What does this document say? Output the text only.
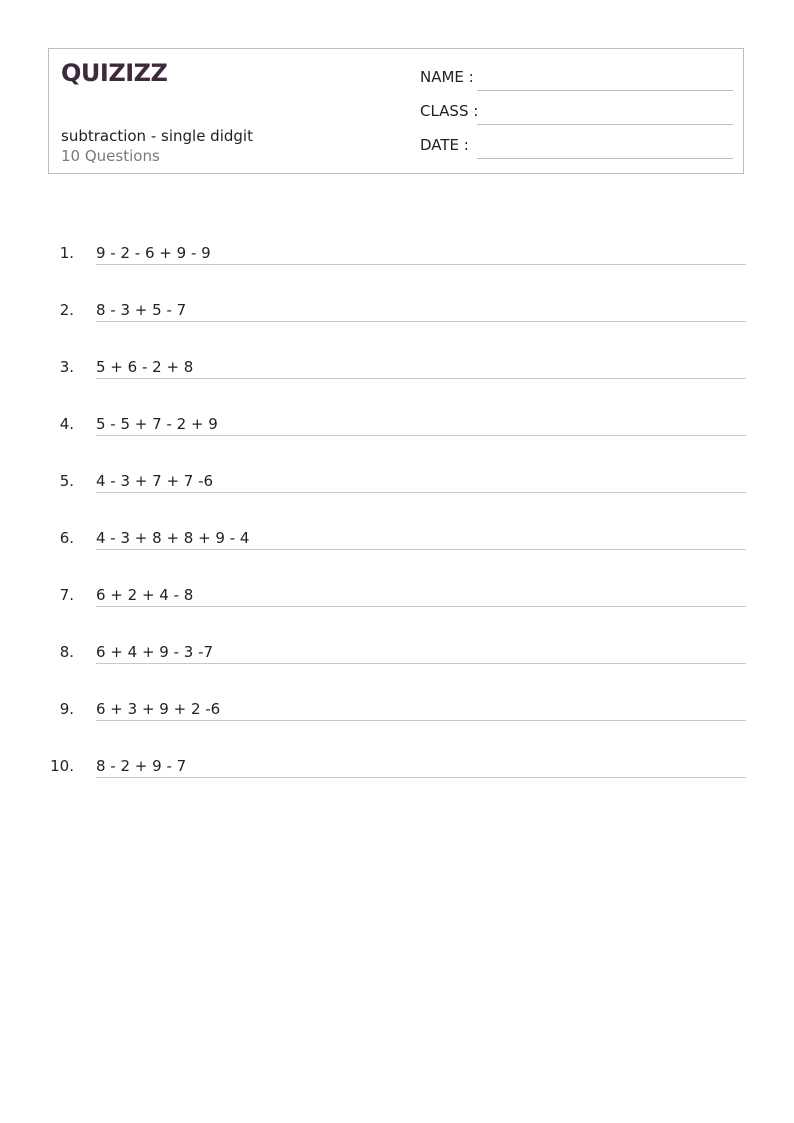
QUIZIZZ
subtraction - single didgit
10 Questions
NAME :
CLASS :
DATE :
1. 9 - 2 - 6 + 9 - 9
2. 8 - 3 + 5 - 7
3. 5 + 6 - 2 + 8
4. 5 - 5 + 7 - 2 + 9
5. 4 - 3 + 7 + 7 -6
6. 4 - 3 + 8 + 8 + 9 - 4
7. 6 + 2 + 4 - 8
8. 6 + 4 + 9 - 3 -7
9. 6 + 3 + 9 + 2 -6
10. 8 - 2 + 9 - 7
